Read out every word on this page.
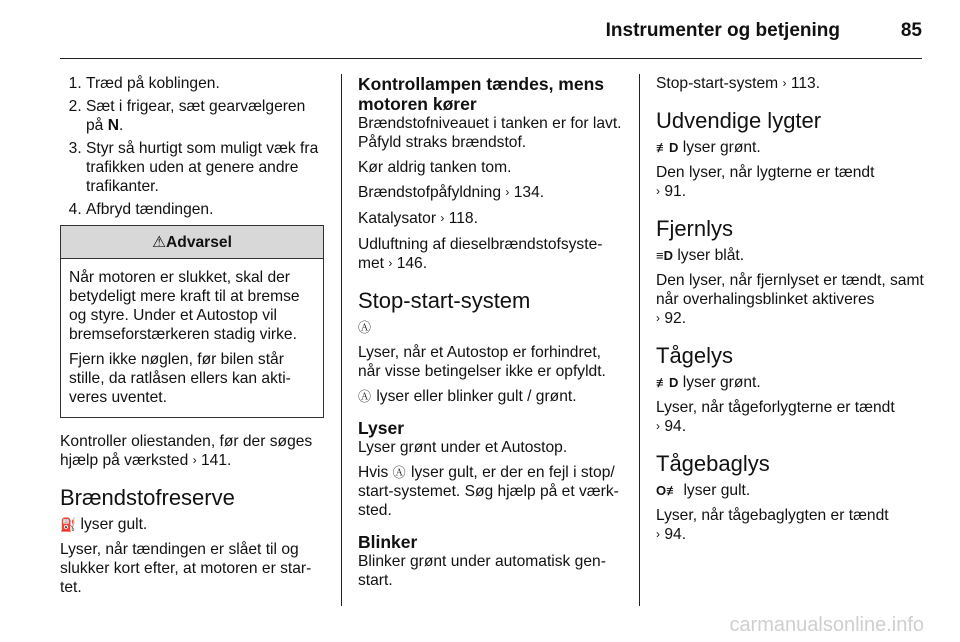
Instrumenter og betjening	85
1. Træd på koblingen.
2. Sæt i frigear, sæt gearvælgeren på N.
3. Styr så hurtigt som muligt væk fra trafikken uden at genere andre trafikanter.
4. Afbryd tændingen.
⚠Advarsel

Når motoren er slukket, skal der betydeligt mere kraft til at bremse og styre. Under et Autostop vil bremseforstærkeren stadig virke.

Fjern ikke nøglen, før bilen står stille, da ratlåsen ellers kan akti-veres uventet.

Kontroller oliestanden, før der søges hjælp på værksted › 141.

Brændstofreserve

⛽ lyser gult.

Lyser, når tændingen er slået til og slukker kort efter, at motoren er star-tet.

Kontrollampen tændes, mens motoren kører

Brændstofniveauet i tanken er for lavt. Påfyld straks brændstof.

Kør aldrig tanken tom.

Brændstofpåfyldning › 134.

Katalysator › 118.

Udluftning af dieselbrændstofsyste-met › 146.

Stop-start-system

Ⓐ

Lyser, når et Autostop er forhindret, når visse betingelser ikke er opfyldt.

Ⓐ lyser eller blinker gult / grønt.

Lyser

Lyser grønt under et Autostop.

Hvis Ⓐ lyser gult, er der en fejl i stop/ start-systemet. Søg hjælp på et værk-sted.

Blinker

Blinker grønt under automatisk gen-start.

Stop-start-system › 113.

Udvendige lygter

≢D lyser grønt.

Den lyser, når lygterne er tændt
› 91.

Fjernlys

≡D lyser blåt.

Den lyser, når fjernlyset er tændt, samt når overhalingsblinket aktiveres
› 92.

Tågelys

≢D lyser grønt.

Lyser, når tågeforlygterne er tændt
› 94.

Tågebaglys

O≢ lyser gult.

Lyser, når tågebaglygten er tændt
› 94.

carmanualsonline.info
